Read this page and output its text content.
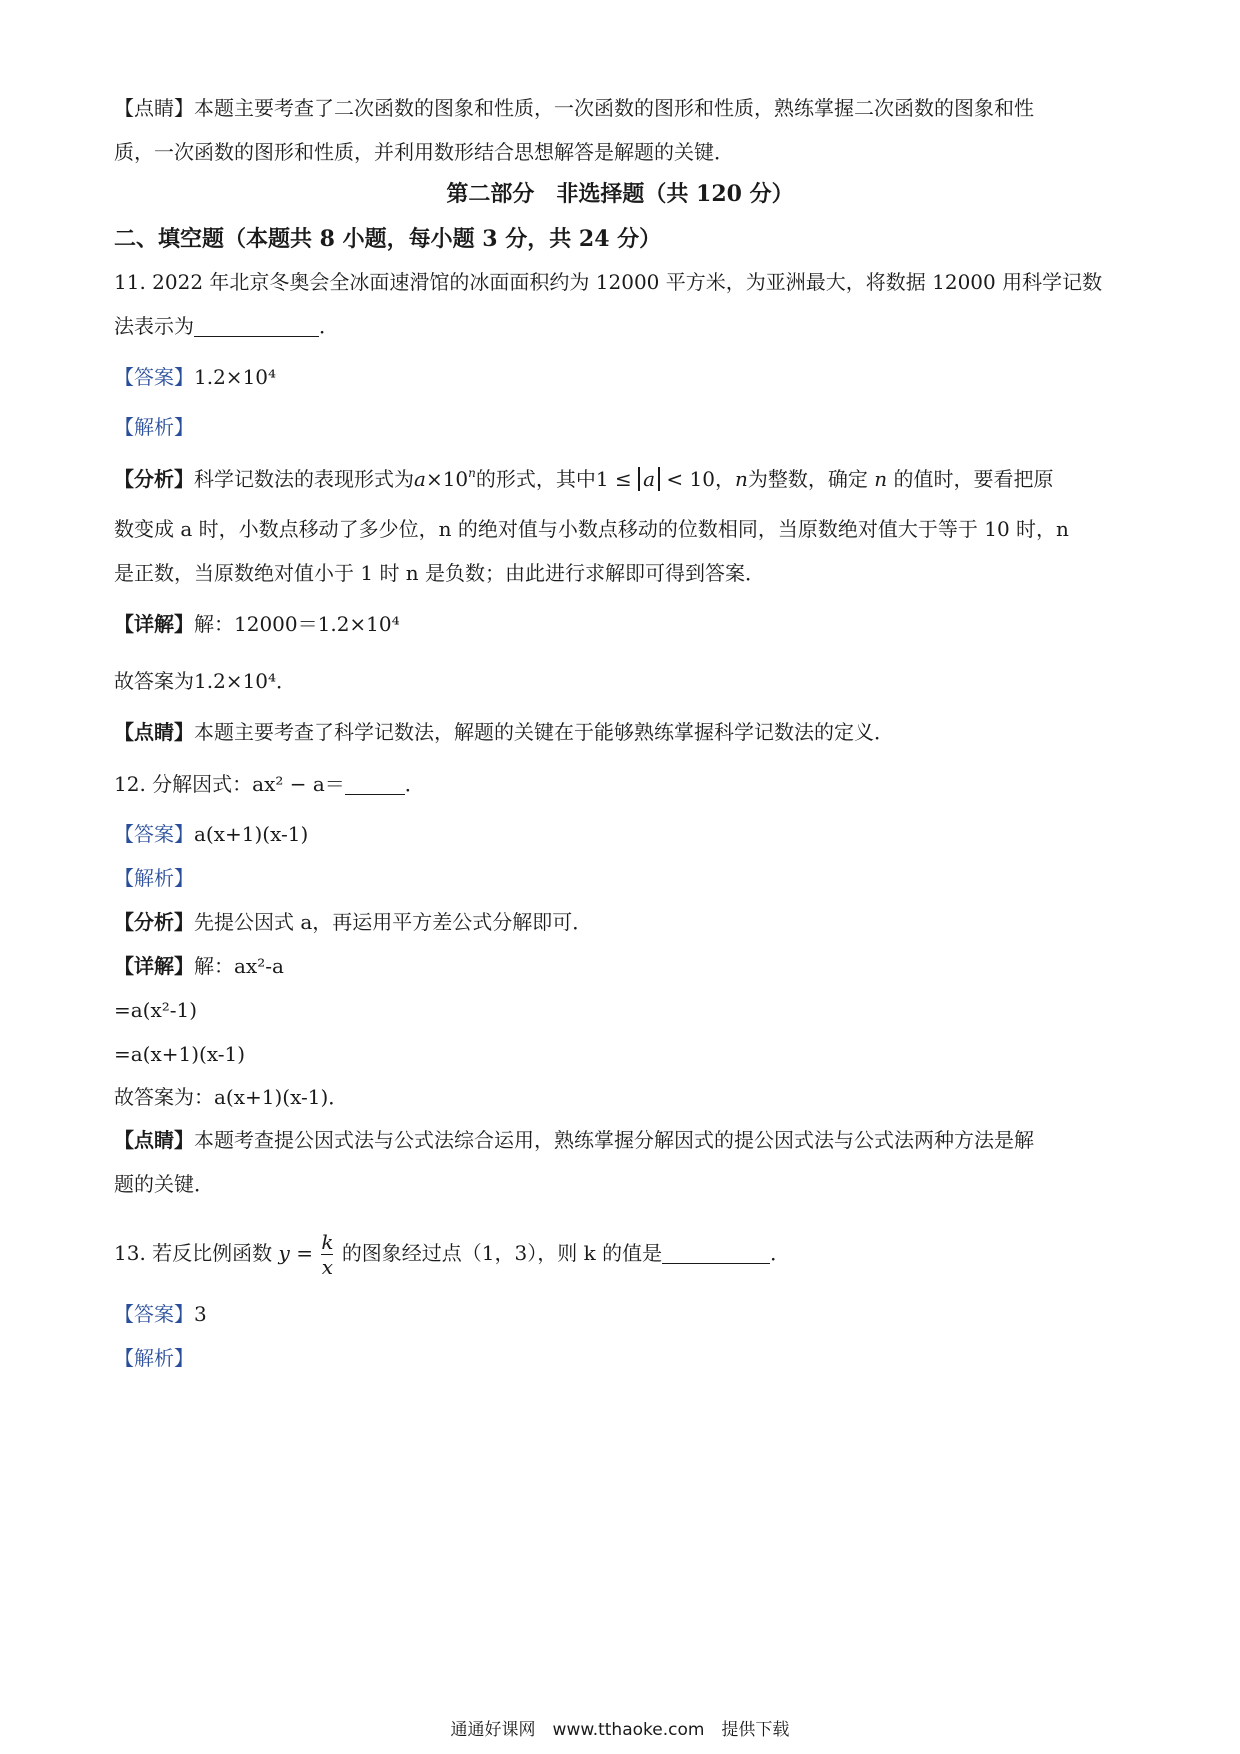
【点睛】本题主要考查了二次函数的图象和性质，一次函数的图形和性质，熟练掌握二次函数的图象和性
质，一次函数的图形和性质，并利用数形结合思想解答是解题的关键．
第二部分　非选择题（共 120 分）
二、填空题（本题共 8 小题，每小题 3 分，共 24 分）
11. 2022 年北京冬奥会全冰面速滑馆的冰面面积约为 12000 平方米，为亚洲最大，将数据 12000 用科学记数
法表示为	．
【答案】1.2×10⁴
【解析】
【分析】科学记数法的表现形式为$a\times 10^n$的形式，其中1 ≤ a < 10，n为整数，确定 n 的值时，要看把原
数变成 a 时，小数点移动了多少位，n 的绝对值与小数点移动的位数相同，当原数绝对值大于等于 10 时，n
是正数，当原数绝对值小于 1 时 n 是负数；由此进行求解即可得到答案．
【详解】解：12000＝1.2×10⁴
故答案为1.2×10⁴．
【点睛】本题主要考查了科学记数法，解题的关键在于能够熟练掌握科学记数法的定义．
12. 分解因式：ax² − a＝	．
【答案】a(x+1)(x-1)
【解析】
【分析】先提公因式 a，再运用平方差公式分解即可．
【详解】解：ax²-a
=a(x²-1)
=a(x+1)(x-1)
故答案为：a(x+1)(x-1)．
【点睛】本题考查提公因式法与公式法综合运用，熟练掌握分解因式的提公因式法与公式法两种方法是解
题的关键．
13. 若反比例函数 $y = \frac{k}{x}$ 的图象经过点（1，3），则 k 的值是	．
【答案】3
【解析】
通通好课网　www.tthaoke.com　提供下载
